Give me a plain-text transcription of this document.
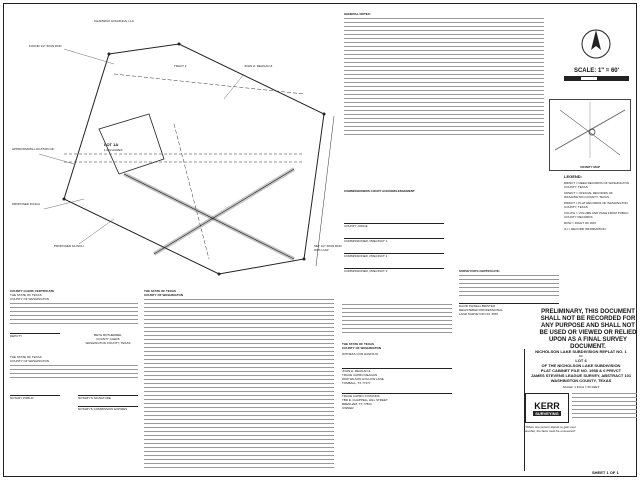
LOT 1A
1.002 ACRES
CHADWICK HOLDINGS, LLC
FOUND 1/2" IRON ROD
JOHN H. REAGAN &
APPROXIMATE LOCATION OF
PROPOSED 8-INCH
PROPOSED 10-INCH
TRACT 2
SET 1/2" IRON ROD WITH CAP
GENERAL NOTES:
SCALE: 1" = 60'
VICINITY MAP
LEGEND:
DRWCT = DEED RECORDS OF WASHINGTON COUNTY, TEXAS
ORWCT = OFFICIAL RECORDS OF WASHINGTON COUNTY, TEXAS
PRWCT = PLAT RECORDS OF WASHINGTON COUNTY, TEXAS
VOL/PG = VOLUME AND PAGE FROM PUBLIC COUNTY RECORDS
ROW = RIGHT OF WAY
(1) = RECORD INFORMATION
COMMISSIONERS COURT ACKNOWLEDGEMENT
COUNTY JUDGE
COMMISSIONER, PRECINCT 1
COMMISSIONER, PRECINCT 2
COMMISSIONER, PRECINCT 3	SURVEYOR'S CERTIFICATE:
DAVID POWELL BRISTER
REGISTERED PROFESSIONAL
LAND SURVEYOR NO. 6557	PRELIMINARY, THIS DOCUMENT SHALL NOT BE RECORDED FOR ANY PURPOSE AND SHALL NOT BE USED OR VIEWED OR RELIED UPON AS A FINAL SURVEY DOCUMENT.
NICHOLSON LAKE SUBDIVISION REPLAT NO. 1
OF
LOT 6
OF THE NICHOLSON LAKE SUBDIVISION
PLAT CABINET FILE NO. 1958 & 0 PRIVCT
JAMES STEVENS LEAGUE SURVEY, ABSTRACT 101
WASHINGTON COUNTY, TEXAS
SCALE: 1 INCH = 60 FEET
KERR
SURVEYING
"When one person stands to gain over another, the facts must be uncovered"
COUNTY CLERK CERTIFICATE
THE STATE OF TEXAS
COUNTY OF WASHINGTON
DEPUTY	BETH ROTHERMEL
COUNTY CLERK
WASHINGTON COUNTY, TEXAS
THE STATE OF TEXAS
COUNTY OF WASHINGTON
NOTARY PUBLIC	NOTARY'S SIGNATURE
NOTARY'S COMMISSION EXPIRES
THE STATE OF TEXAS
COUNTY OF WASHINGTON
THE STATE OF TEXAS
COUNTY OF WASHINGTON
WITNESS OUR HANDS IN
JOHN H. REAGAN &
TRACE CAPRO REAGAN
2000 WILSON HOLLOW LANE
TOMBALL, TX 77377
TRACE CAPRO SYMONDS
TBD E. CHAPPELL HILL STREET
BRENHAM, TX 77833
OWNER
SHEET 1 OF 1
